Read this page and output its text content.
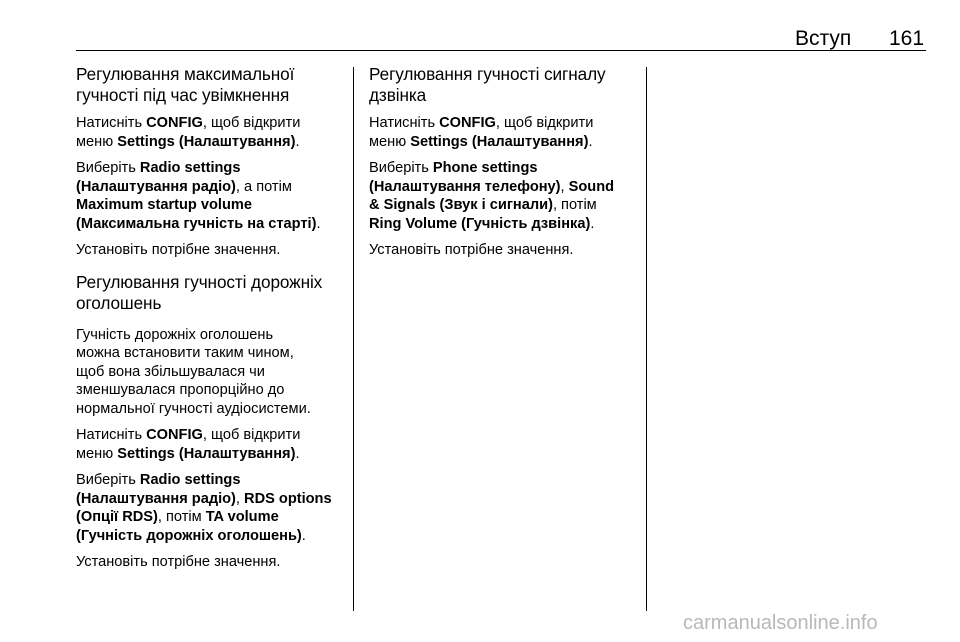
Вступ 161
Регулювання максимальної
гучності під час увімкнення

Натисніть CONFIG, щоб відкрити
меню Settings (Налаштування).

Виберіть Radio settings
(Налаштування радіо), а потім
Maximum startup volume
(Максимальна гучність на старті).

Установіть потрібне значення.

Регулювання гучності дорожніх
оголошень

Гучність дорожніх оголошень
можна встановити таким чином,
щоб вона збільшувалася чи
зменшувалася пропорційно до
нормальної гучності аудіосистеми.

Натисніть CONFIG, щоб відкрити
меню Settings (Налаштування).

Виберіть Radio settings
(Налаштування радіо), RDS options
(Опції RDS), потім TA volume
(Гучність дорожніх оголошень).

Установіть потрібне значення.

Регулювання гучності сигналу
дзвінка

Натисніть CONFIG, щоб відкрити
меню Settings (Налаштування).

Виберіть Phone settings
(Налаштування телефону), Sound
& Signals (Звук і сигнали), потім
Ring Volume (Гучність дзвінка).

Установіть потрібне значення.

carmanualsonline.info
